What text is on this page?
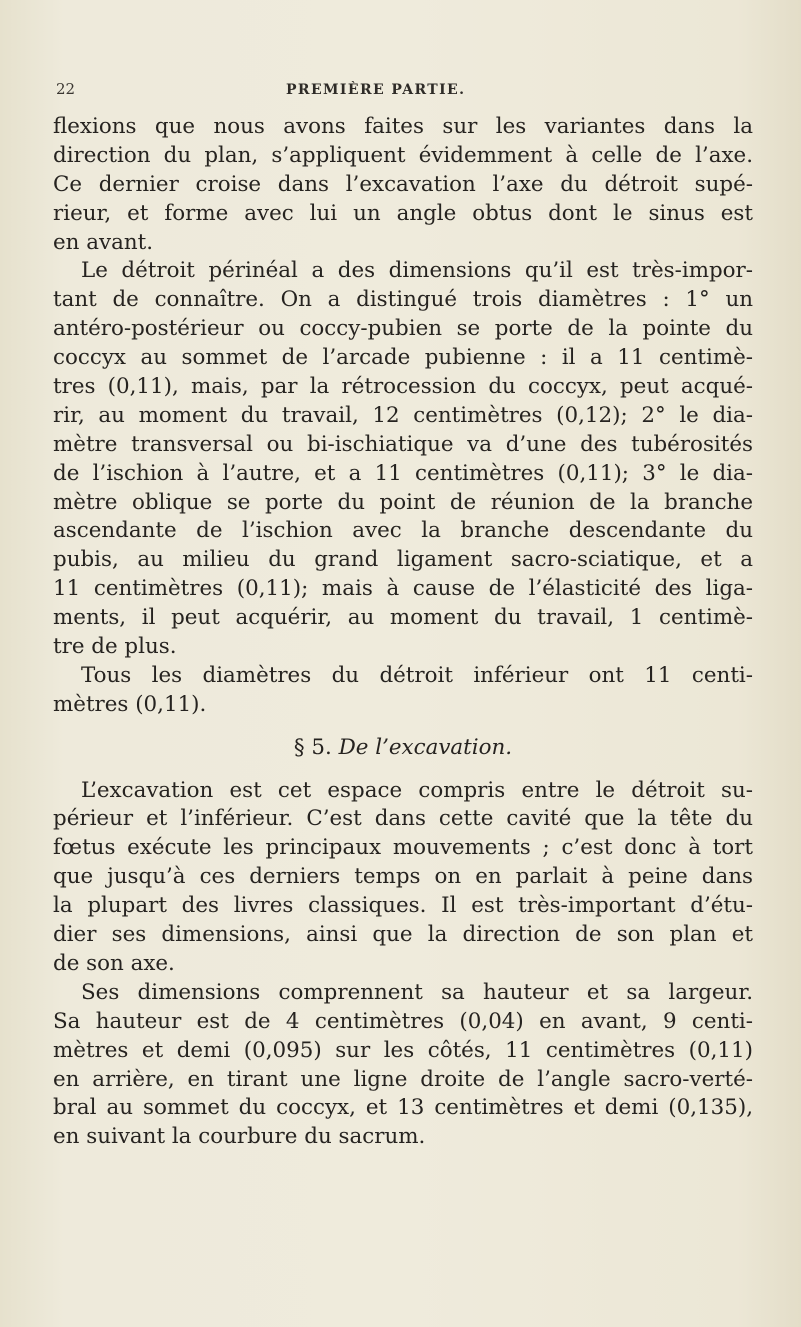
22	PREMIÈRE PARTIE.
flexions que nous avons faites sur les variantes dans la
direction du plan, s’appliquent évidemment à celle de l’axe.
Ce dernier croise dans l’excavation l’axe du détroit supé-
rieur, et forme avec lui un angle obtus dont le sinus est
en avant.
Le détroit périnéal a des dimensions qu’il est très-impor-
tant de connaître. On a distingué trois diamètres : 1° un
antéro-postérieur ou coccy-pubien se porte de la pointe du
coccyx au sommet de l’arcade pubienne : il a 11 centimè-
tres (0,11), mais, par la rétrocession du coccyx, peut acqué-
rir, au moment du travail, 12 centimètres (0,12); 2° le dia-
mètre transversal ou bi-ischiatique va d’une des tubérosités
de l’ischion à l’autre, et a 11 centimètres (0,11); 3° le dia-
mètre oblique se porte du point de réunion de la branche
ascendante de l’ischion avec la branche descendante du
pubis, au milieu du grand ligament sacro-sciatique, et a
11 centimètres (0,11); mais à cause de l’élasticité des liga-
ments, il peut acquérir, au moment du travail, 1 centimè-
tre de plus.
Tous les diamètres du détroit inférieur ont 11 centi-
mètres (0,11).
§ 5. De l’excavation.
L’excavation est cet espace compris entre le détroit su-
périeur et l’inférieur. C’est dans cette cavité que la tête du
fœtus exécute les principaux mouvements ; c’est donc à tort
que jusqu’à ces derniers temps on en parlait à peine dans
la plupart des livres classiques. Il est très-important d’étu-
dier ses dimensions, ainsi que la direction de son plan et
de son axe.
Ses dimensions comprennent sa hauteur et sa largeur.
Sa hauteur est de 4 centimètres (0,04) en avant, 9 centi-
mètres et demi (0,095) sur les côtés, 11 centimètres (0,11)
en arrière, en tirant une ligne droite de l’angle sacro-verté-
bral au sommet du coccyx, et 13 centimètres et demi (0,135),
en suivant la courbure du sacrum.
